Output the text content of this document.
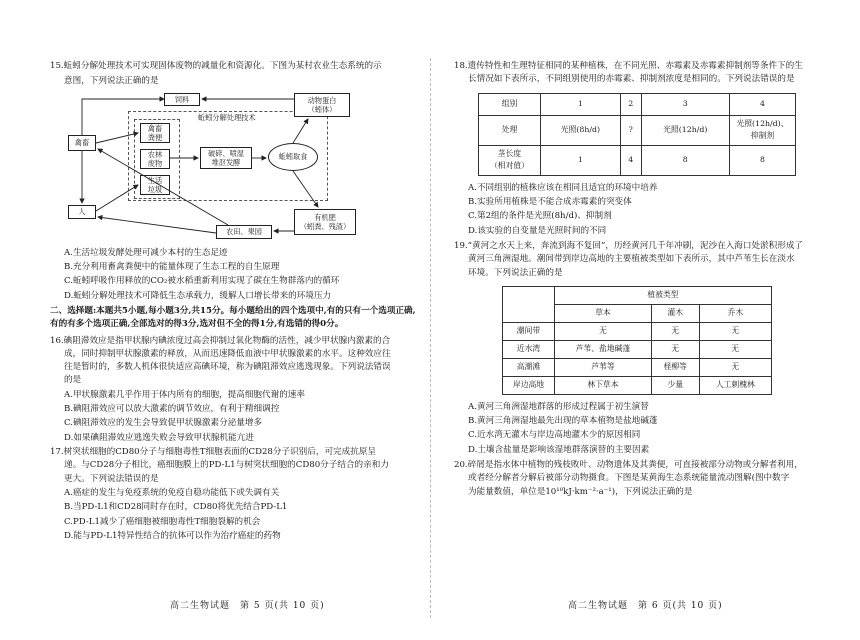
15.蚯蚓分解处理技术可实现固体废物的减量化和资源化。下图为某村农业生态系统的示

意图，下列说法正确的是

蚯蚓分解处理技术
饲料	动物蛋白
（蚓体）
禽畜
禽畜
粪便
农林
废物
生活
垃圾
破碎、喷湿
堆沤发酵
蚯蚓取食
人
农田、果园
有机肥
（蚓粪、残渣）

A.生活垃圾发酵处理可减少本村的生态足迹

B.充分利用畜禽粪便中的能量体现了生态工程的自生原理

C.蚯蚓呼吸作用释放的CO₂被水稻重新利用实现了碳在生物群落内的循环

D.蚯蚓分解处理技术可降低生态承载力，缓解人口增长带来的环境压力

二、选择题:本题共5小题,每小题3分,共15分。每小题给出的四个选项中,有的只有一个选项正确,有的有多个选项正确,全部选对的得3分,选对但不全的得1分,有选错的得0分。

16.碘阻滞效应是指甲状腺内碘浓度过高会抑制过氧化物酶的活性，减少甲状腺内激素的合

成，同时抑制甲状腺激素的释放，从而迅速降低血液中甲状腺激素的水平。这种效应往

往是暂时的，多数人机体很快适应高碘环境，称为碘阻滞效应逃逸现象。下列说法错误

的是

A.甲状腺激素几乎作用于体内所有的细胞，提高细胞代谢的速率

B.碘阻滞效应可以放大激素的调节效应，有利于精细调控

C.碘阻滞效应的发生会导致促甲状腺激素分泌量增多

D.如果碘阻滞效应逃逸失败会导致甲状腺机能亢进

17.树突状细胞的CD80分子与细胞毒性T细胞表面的CD28分子识别后，可完成抗原呈

递。与CD28分子相比，癌细胞膜上的PD-L1与树突状细胞的CD80分子结合的亲和力

更大。下列说法错误的是

A.癌症的发生与免疫系统的免疫自稳功能低下或失调有关

B.当PD-L1和CD28同时存在时，CD80将优先结合PD-L1

C.PD-L1减少了癌细胞被细胞毒性T细胞裂解的机会

D.能与PD-L1特异性结合的抗体可以作为治疗癌症的药物

18.遗传特性和生理特征相同的某种植株，在不同光照、赤霉素及赤霉素抑制剂等条件下的生

长情况如下表所示，不同组别使用的赤霉素、抑制剂浓度是相同的。下列说法错误的是

组别	1	2	3	4
处理	光照(8h/d)	?	光照(12h/d)	光照(12h/d)、抑制剂
茎长度
（相对值）	1	4	8	8

A.不同组别的植株应该在相同且适宜的环境中培养

B.实验所用植株是不能合成赤霉素的突变体

C.第2组的条件是光照(8h/d)、抑制剂

D.该实验的自变量是光照时间的不同

19.“黄河之水天上来，奔流到海不复回”，历经黄河几千年冲刷，泥沙在入海口处淤积形成了

黄河三角洲湿地。潮间带到岸边高地的主要植被类型如下表所示，其中芦苇生长在淡水

环境。下列说法正确的是

	植被类型		
	草本	灌木	乔木
潮间带	无	无	无
近水湾	芦苇、盐地碱蓬	无	无
高潮滩	芦苇等	柽柳等	无
岸边高地	林下草本	少量	人工刺槐林

A.黄河三角洲湿地群落的形成过程属于初生演替

B.黄河三角洲湿地最先出现的草本植物是盐地碱蓬

C.近水湾无灌木与岸边高地灌木少的原因相同

D.土壤含盐量是影响该湿地群落演替的主要因素

20.碎屑是指水体中植物的残枝败叶、动物遗体及其粪便，可直接被部分动物或分解者利用，

或者经分解者分解后被部分动物摄食。下图是某黄海生态系统能量流动图解(图中数字

为能量数值，单位是10¹⁰kJ·km⁻²·a⁻¹)，下列说法正确的是

高二生物试题　第 5 页(共 10 页)	高二生物试题　第 6 页(共 10 页)
